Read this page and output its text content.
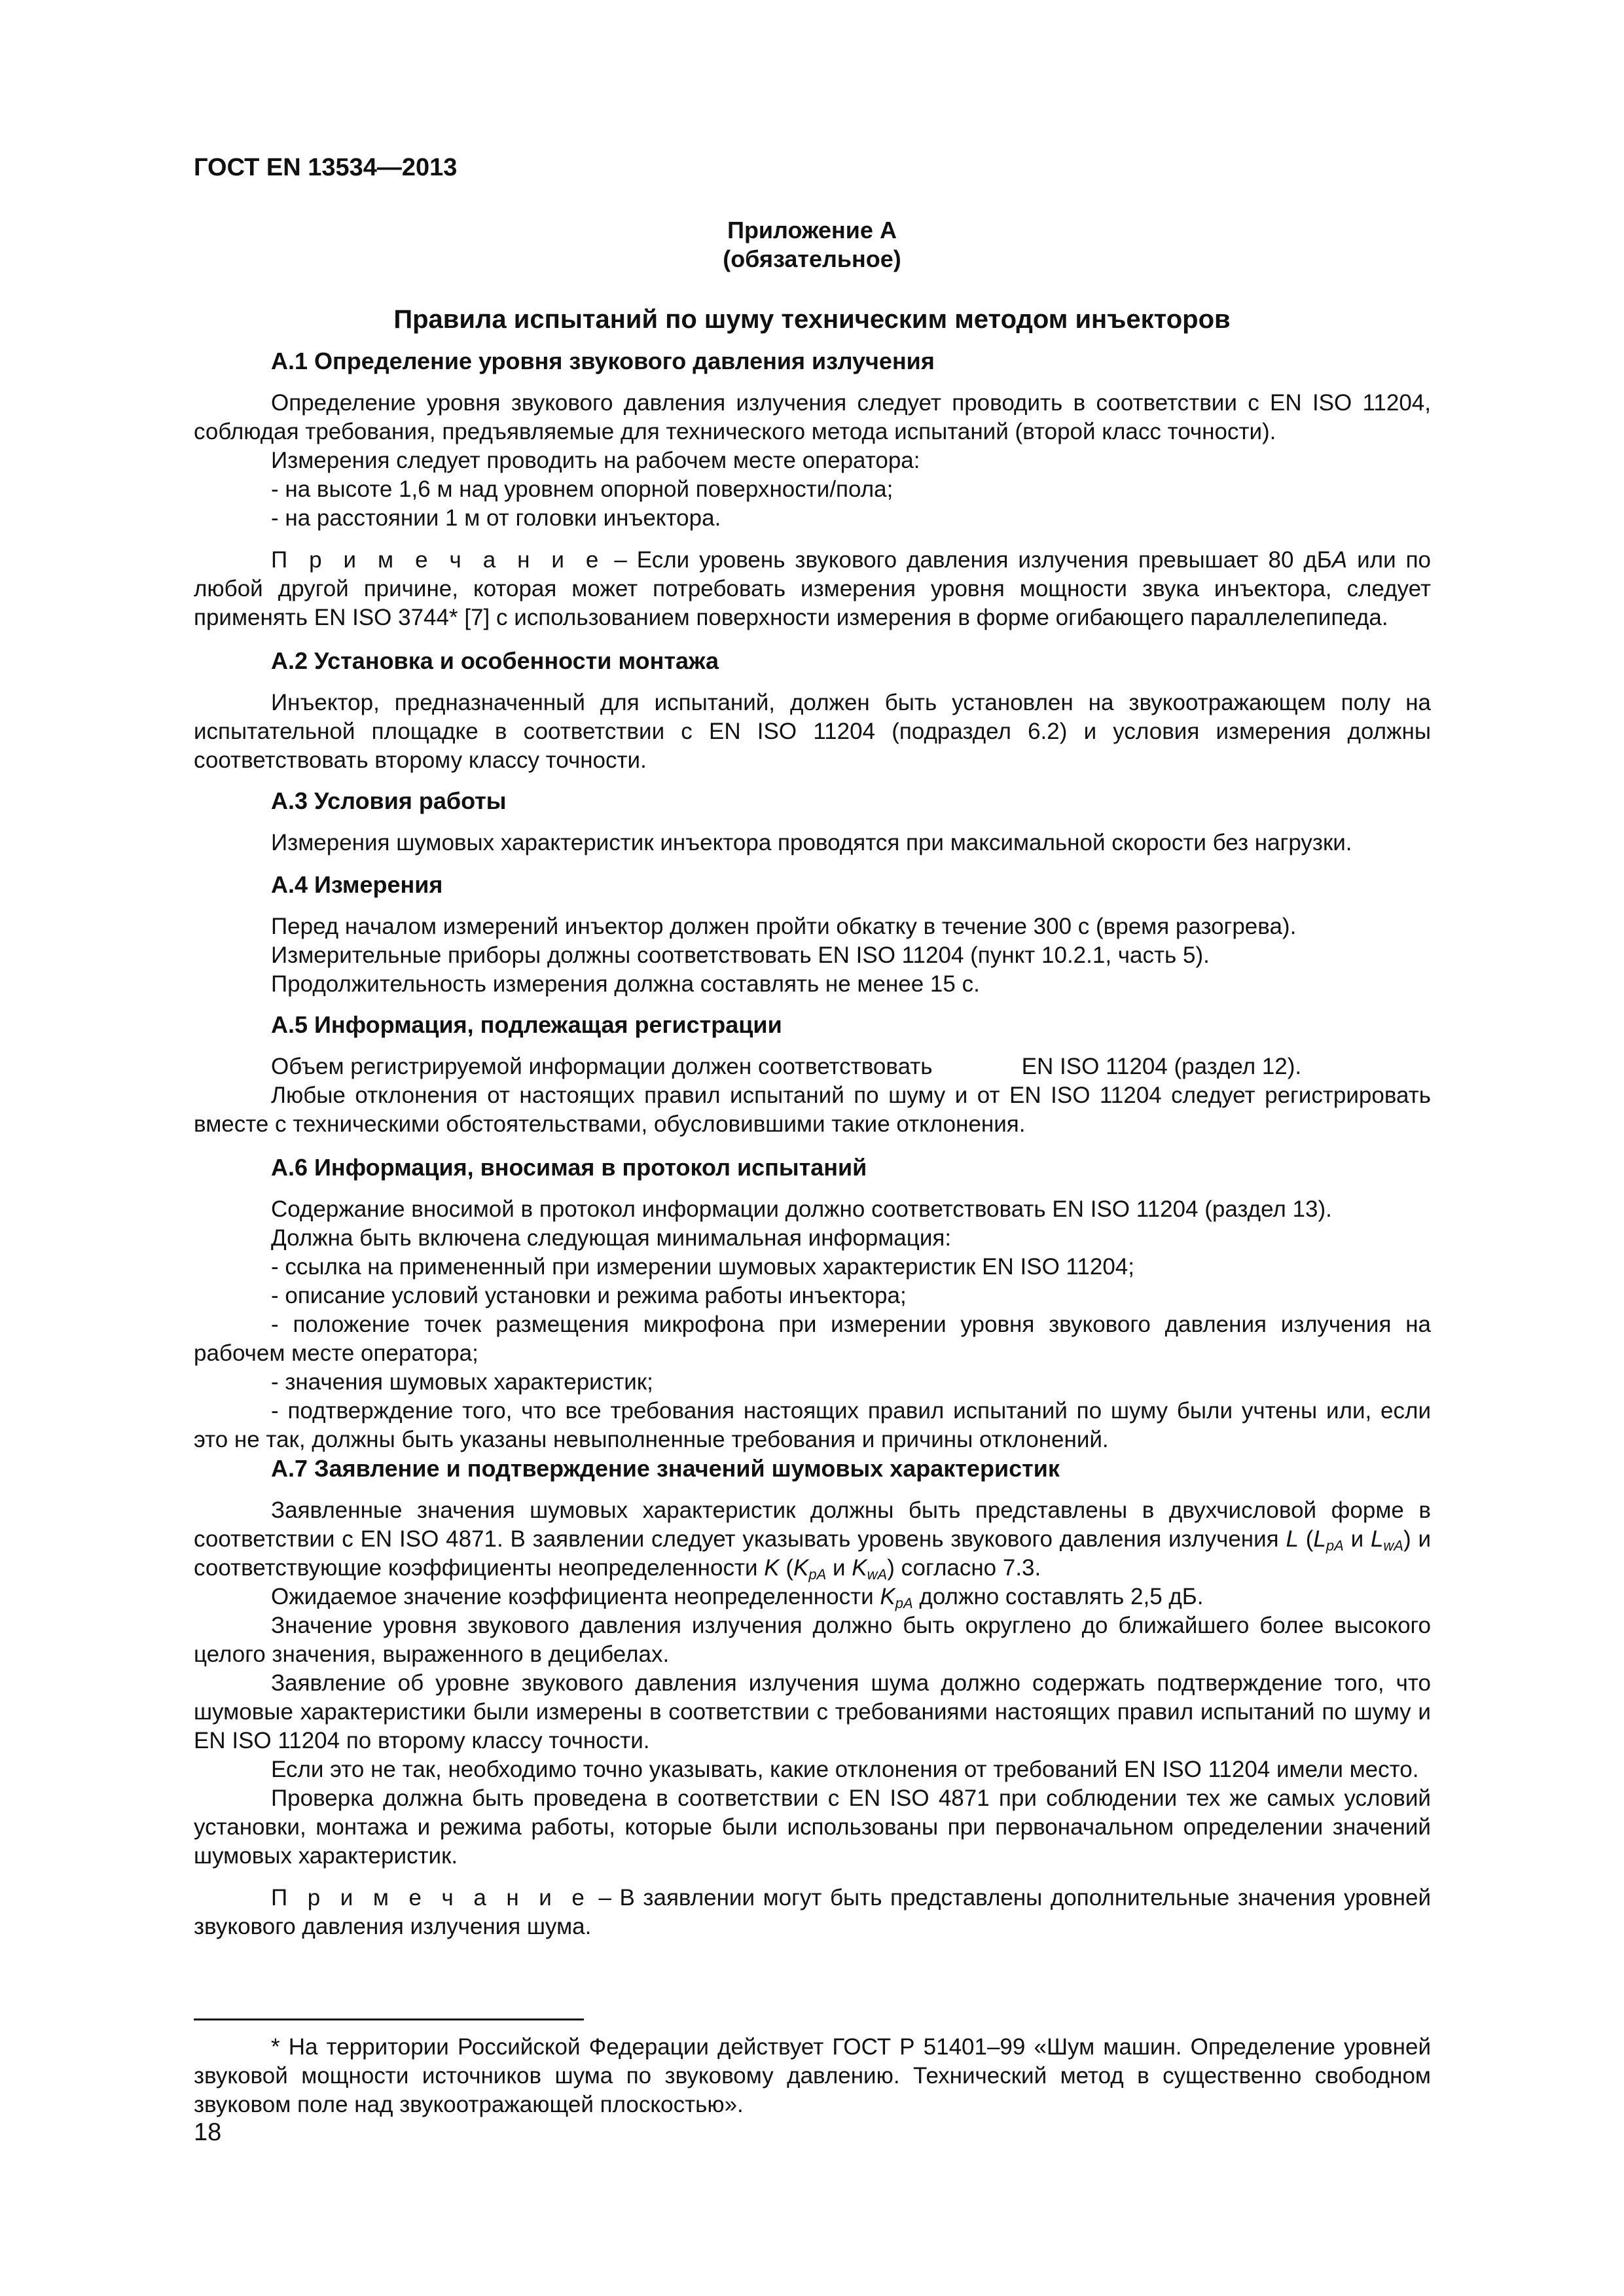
ГОСТ EN 13534—2013
Приложение А
(обязательное)
Правила испытаний по шуму техническим методом инъекторов

А.1 Определение уровня звукового давления излучения

Определение уровня звукового давления излучения следует проводить в соответствии с EN ISO 11204, соблюдая требования, предъявляемые для технического метода испытаний (второй класс точности).

Измерения следует проводить на рабочем месте оператора:

- на высоте 1,6 м над уровнем опорной поверхности/пола;

- на расстоянии 1 м от головки инъектора.

П р и м е ч а н и е – Если уровень звукового давления излучения превышает 80 дБА или по любой другой причине, которая может потребовать измерения уровня мощности звука инъектора, следует применять EN ISO 3744* [7] с использованием поверхности измерения в форме огибающего параллелепипеда.

А.2 Установка и особенности монтажа

Инъектор, предназначенный для испытаний, должен быть установлен на звукоотражающем полу на испытательной площадке в соответствии с EN ISO 11204 (подраздел 6.2) и условия измерения должны соответствовать второму классу точности.

А.3 Условия работы

Измерения шумовых характеристик инъектора проводятся при максимальной скорости без нагрузки.

А.4 Измерения

Перед началом измерений инъектор должен пройти обкатку в течение 300 с (время разогрева).

Измерительные приборы должны соответствовать EN ISO 11204 (пункт 10.2.1, часть 5).

Продолжительность измерения должна составлять не менее 15 с.

А.5 Информация, подлежащая регистрации

Объем регистрируемой информации должен соответствовать              EN ISO 11204 (раздел 12).

Любые отклонения от настоящих правил испытаний по шуму и от EN ISO 11204 следует регистрировать вместе с техническими обстоятельствами, обусловившими такие отклонения.

А.6 Информация, вносимая в протокол испытаний

Содержание вносимой в протокол информации должно соответствовать EN ISO 11204 (раздел 13).

Должна быть включена следующая минимальная информация:

- ссылка на примененный при измерении шумовых характеристик EN ISO 11204;

- описание условий установки и режима работы инъектора;

- положение точек размещения микрофона при измерении уровня звукового давления излучения на рабочем месте оператора;

- значения шумовых характеристик;

- подтверждение того, что все требования настоящих правил испытаний по шуму были учтены или, если это не так, должны быть указаны невыполненные требования и причины отклонений.

А.7 Заявление и подтверждение значений шумовых характеристик

Заявленные значения шумовых характеристик должны быть представлены в двухчисловой форме в соответствии с EN ISO 4871. В заявлении следует указывать уровень звукового давления излучения L ($L_{pA}$ и $L_{wA}$) и соответствующие коэффициенты неопределенности K ($K_{pA}$ и $K_{wA}$) согласно 7.3.

Ожидаемое значение коэффициента неопределенности $K_{pA}$ должно составлять 2,5 дБ.

Значение уровня звукового давления излучения должно быть округлено до ближайшего более высокого целого значения, выраженного в децибелах.

Заявление об уровне звукового давления излучения шума должно содержать подтверждение того, что шумовые характеристики были измерены в соответствии с требованиями настоящих правил испытаний по шуму и EN ISO 11204 по второму классу точности.

Если это не так, необходимо точно указывать, какие отклонения от требований EN ISO 11204 имели место.

Проверка должна быть проведена в соответствии с EN ISO 4871 при соблюдении тех же самых условий установки, монтажа и режима работы, которые были использованы при первоначальном определении значений шумовых характеристик.

П р и м е ч а н и е – В заявлении могут быть представлены дополнительные значения уровней звукового давления излучения шума.

* На территории Российской Федерации действует ГОСТ Р 51401–99 «Шум машин. Определение уровней звуковой мощности источников шума по звуковому давлению. Технический метод в существенно свободном звуковом поле над звукоотражающей плоскостью».

18
